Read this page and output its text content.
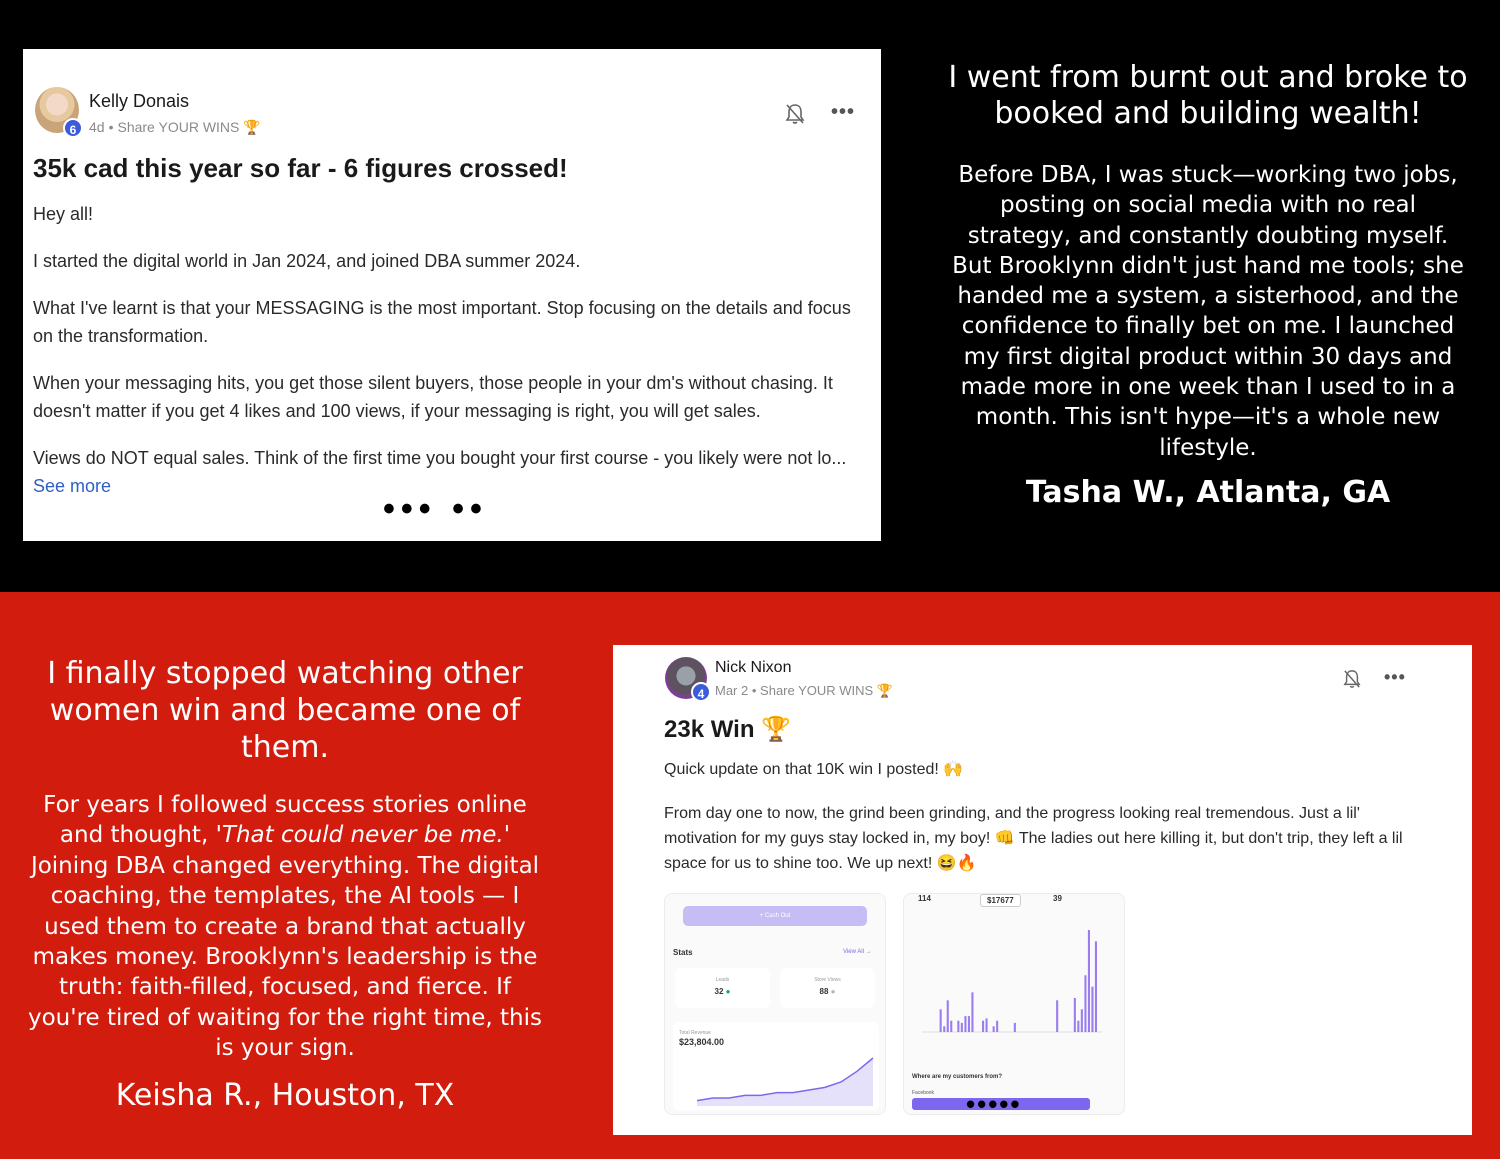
6
Kelly Donais
4d • Share YOUR WINS 🏆
•••
35k cad this year so far - 6 figures crossed!

Hey all!

I started the digital world in Jan 2024, and joined DBA summer 2024.

What I've learnt is that your MESSAGING is the most important. Stop focusing on the details and focus on the transformation.

When your messaging hits, you get those silent buyers, those people in your dm's without chasing. It doesn't matter if you get 4 likes and 100 views, if your messaging is right, you will get sales.

Views do NOT equal sales. Think of the first time you bought your first course - you likely were not lo... See more

••• ••
I went from burnt out and broke to booked and building wealth!
Before DBA, I was stuck—working two jobs, posting on social media with no real strategy, and constantly doubting myself. But Brooklynn didn't just hand me tools; she handed me a system, a sisterhood, and the confidence to finally bet on me. I launched my first digital product within 30 days and made more in one week than I used to in a month. This isn't hype—it's a whole new lifestyle.
Tasha W., Atlanta, GA
I finally stopped watching other women win and became one of them.
For years I followed success stories online and thought, 'That could never be me.' Joining DBA changed everything. The digital coaching, the templates, the AI tools — I used them to create a brand that actually makes money. Brooklynn's leadership is the truth: faith-filled, focused, and fierce. If you're tired of waiting for the right time, this is your sign.
Keisha R., Houston, TX
4
Nick Nixon
Mar 2 • Share YOUR WINS 🏆
•••
23k Win 🏆
Quick update on that 10K win I posted! 🙌
From day one to now, the grind been grinding, and the progress looking real tremendous. Just a lil' motivation for my guys stay locked in, my boy! 👊 The ladies out here killing it, but don't trip, they left a lil space for us to shine too. We up next! 😆🔥
+ Cash Out
Stats	View All →
Leads
32 ●
Store Views
88 ●
Total Revenue
$23,804.00
114	$17677	39
Where are my customers from?
Facebook •••••
